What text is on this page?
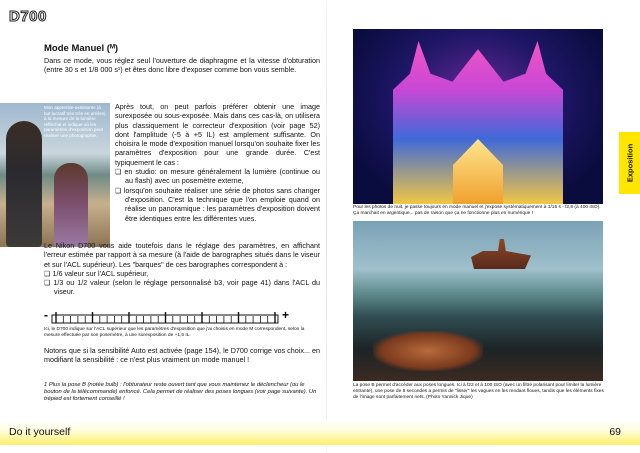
D700
Mode Manuel (ᴹ)
Dans ce mode, vous réglez seul l'ouverture de diaphragme et la vitesse d'obturation (entre 30 s et 1/8 000 s¹) et êtes donc libre d'exposer comme bon vous semble.
Mon apprentie-assistante (à but lucratif très très en arrière) à la mesure de la lumière réfléchie et indique où les paramètres d'exposition peut réaliser une photographie.
Après tout, on peut parfois préférer obtenir une image surexposée ou sous-exposée. Mais dans ces cas-là, on utilisera plus classiquement le correcteur d'exposition (voir page 52) dont l'amplitude (-5 à +5 IL) est amplement suffisante. On choisira le mode d'exposition manuel lorsqu'on souhaite fixer les paramètres d'exposition pour une grande durée. C'est typiquement le cas :
❏ en studio: on mesure généralement la lumière (continue ou au flash) avec un posemètre externe,
❏ lorsqu'on souhaite réaliser une série de photos sans changer d'exposition. C'est la technique que l'on emploie quand on réalise un panoramique : les paramètres d'exposition doivent être identiques entre les différentes vues.
Le Nikon D700 vous aide toutefois dans le réglage des paramètres, en affichant l'erreur estimée par rapport à sa mesure (à l'aide de barographes situés dans le viseur et sur l'ACL supérieur). Les "barques" de ces barographes correspondent à :
❏ 1/6 valeur sur l'ACL supérieur,
❏ 1/3 ou 1/2 valeur (selon le réglage personnalisé b3, voir page 41) dans l'ACL du viseur.
-	+
Ici, le D700 indique sur l'ACL supérieur que les paramètres d'exposition que j'ai choisis en mode M correspondent, selon la mesure effectuée par son posemètre, à une surexposition de +1,5 IL.
Notons que si la sensibilité Auto est activée (page 154), le D700 corrige vos choix... en modifiant la sensibilité : ce n'est plus vraiment un mode manuel !
1 Plus la pose B (notée bulb) : l'obturateur reste ouvert tant que vous maintenez le déclencheur (ou le bouton de la télécommande) enfoncé. Cela permet de réaliser des poses longues (voir page suivante). Un trépied est fortement conseillé !
Pour les photos de nuit, je passe toujours en mode manuel et j'expose systématiquement à 1/15 s - f2,8 (à 400 ISO). Ça marchait en argentique... pas de raison que ça ne fonctionne plus en numérique !
La pose B permet d'accéder aux poses longues. Ici à f22 et à 100 ISO (avec un filtre polarisant pour limiter la lumière entrante), une pose de 8 secondes a permis de "lisser" les vagues en les rendant floues, tandis que les éléments fixes de l'image sont parfaitement nets. (Photo Yannick Jique)
Exposition
Do it yourself	69
